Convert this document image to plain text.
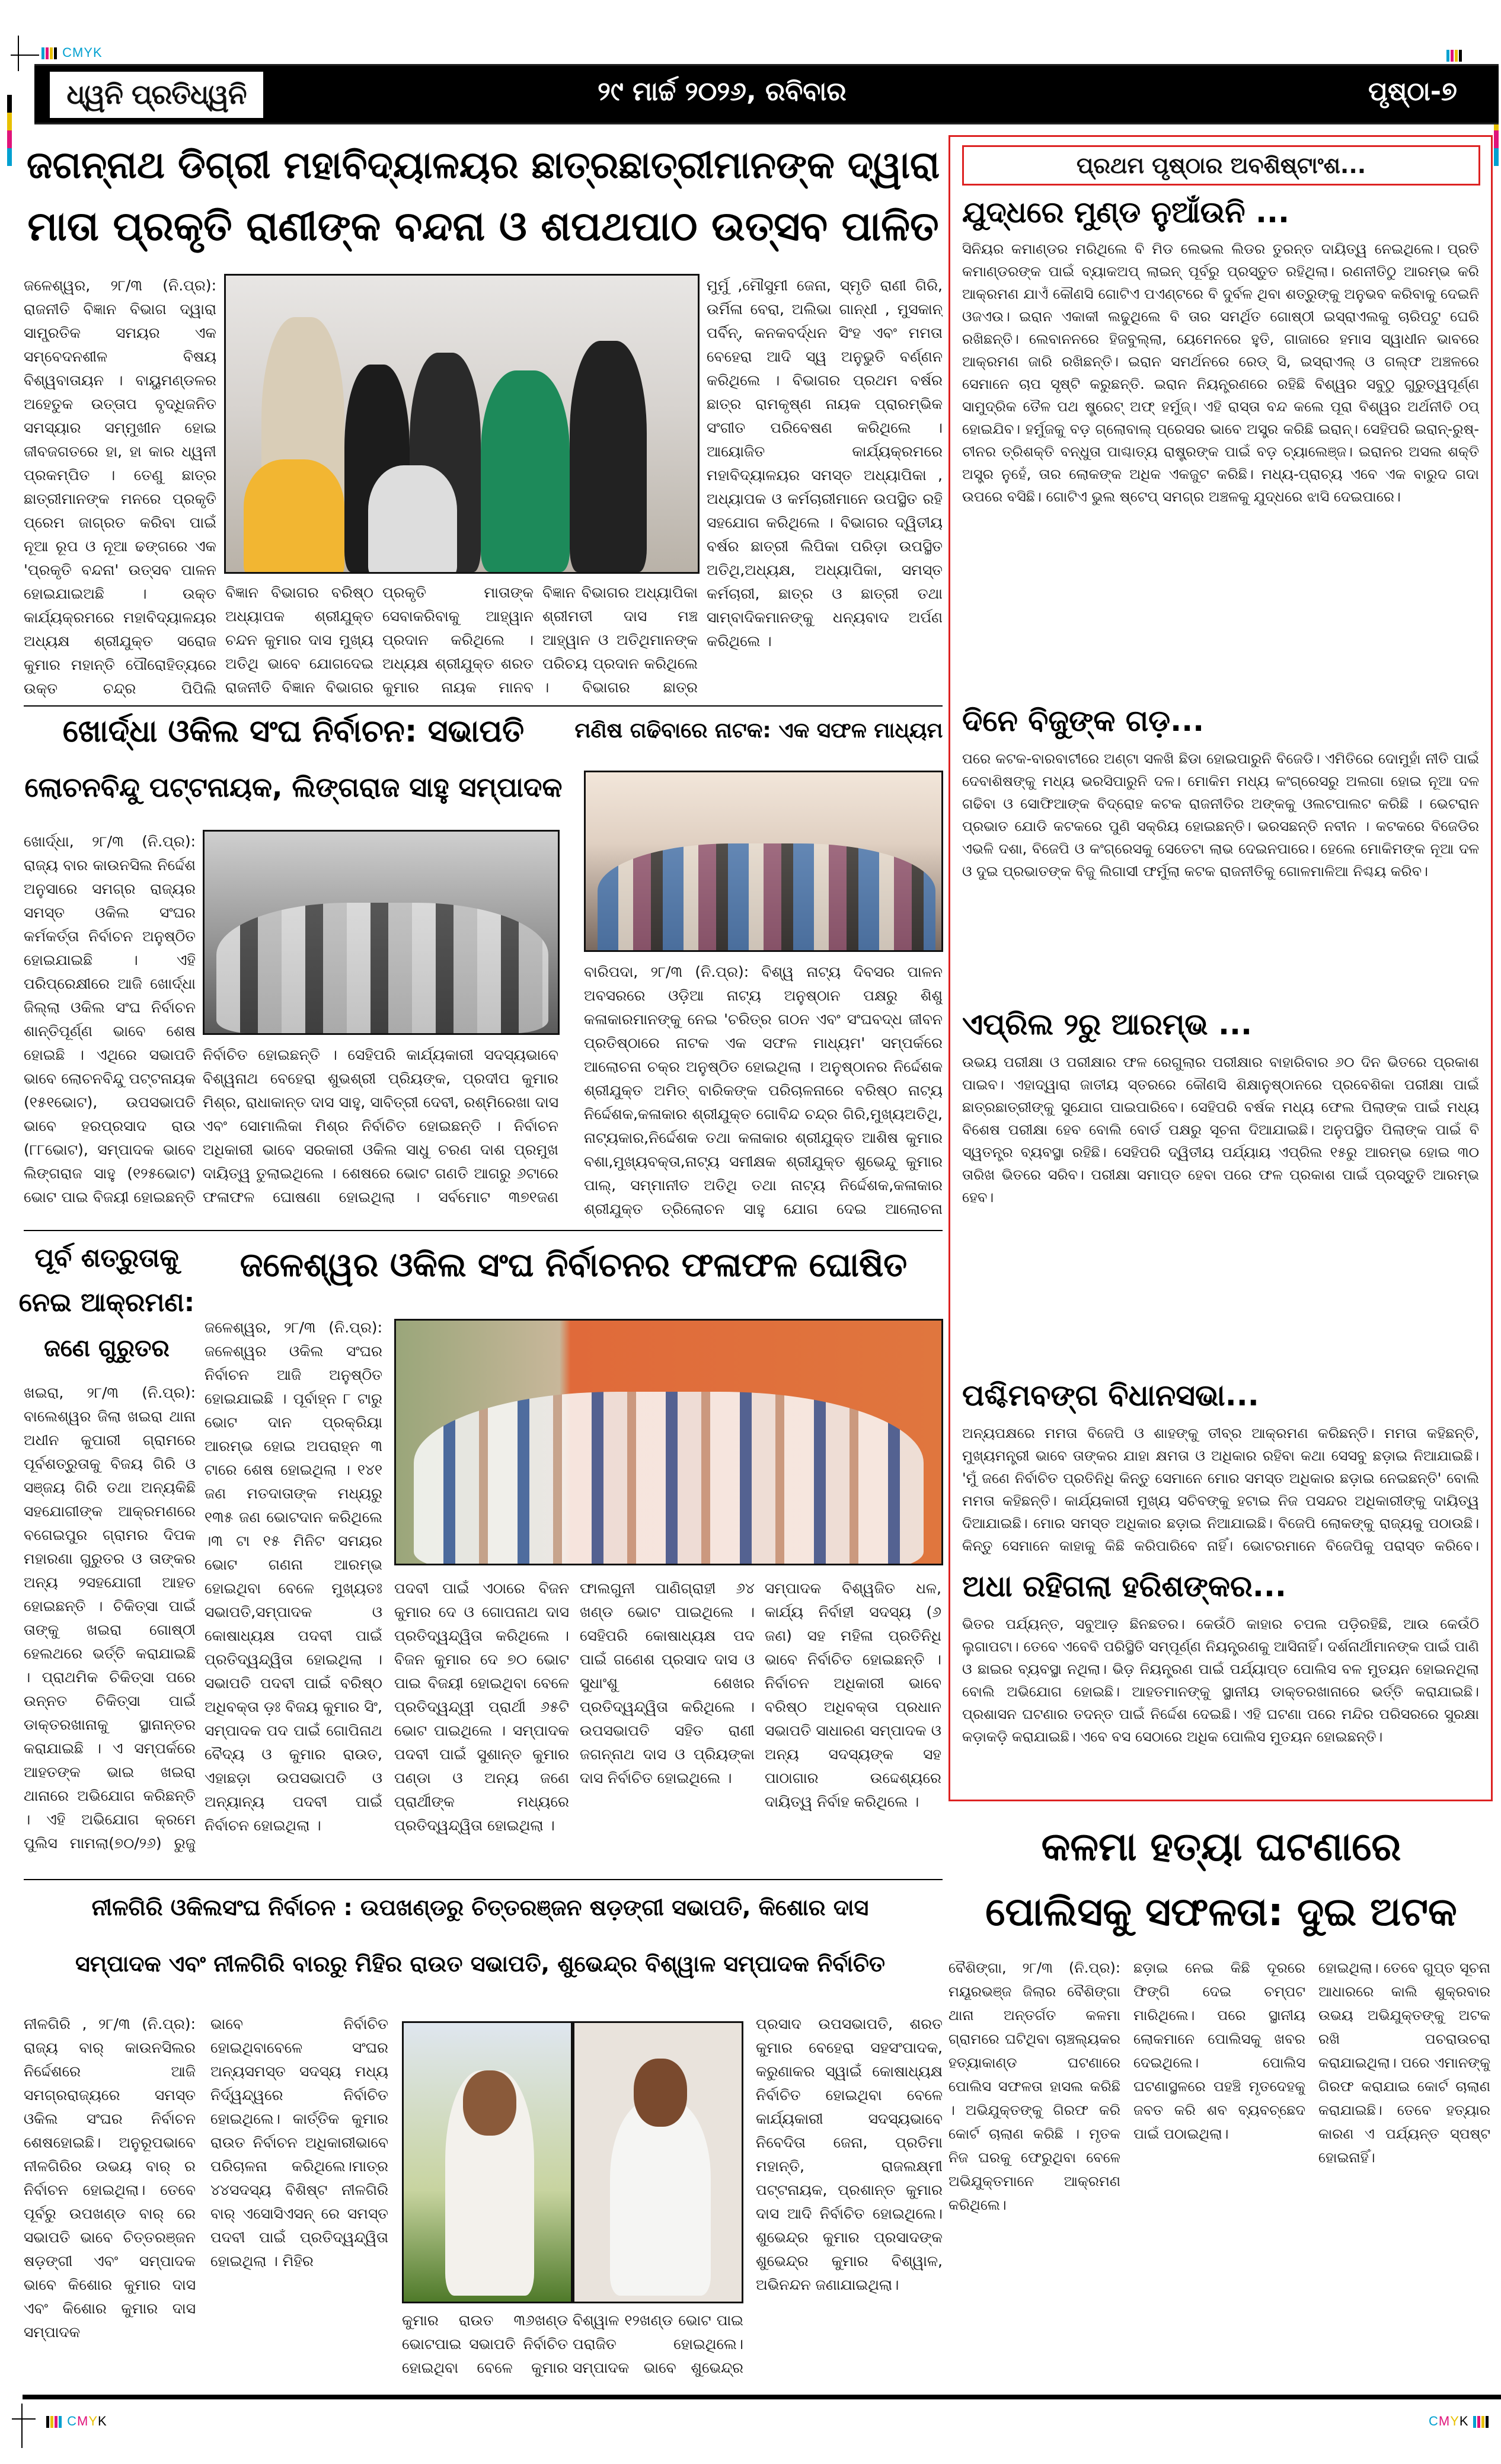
CMYK
ଧ୍ୱନି ପ୍ରତିଧ୍ୱନି	୨୯ ମାର୍ଚ୍ଚ ୨୦୨୬, ରବିବାର	ପୃଷ୍ଠା-୭
ଜଗନ୍ନାଥ ଡିଗ୍ରୀ ମହାବିଦ୍ୟାଳୟର ଛାତ୍ରଛାତ୍ରୀମାନଙ୍କ ଦ୍ୱାରା
ମାତା ପ୍ରକୃତି ରାଣୀଙ୍କ ବନ୍ଦନା ଓ ଶପଥପାଠ ଉତ୍ସବ ପାଳିତ
ଜଳେଶ୍ୱର, ୨୮/୩ (ନି.ପ୍ର): ରାଜନୀତି ବିଜ୍ଞାନ ବିଭାଗ ଦ୍ୱାରା ସାମ୍ପ୍ରତିକ ସମୟର ଏକ ସମ୍ବେଦନଶୀଳ ବିଷୟ ବିଶ୍ୱବାତାୟନ । ବାୟୁମଣ୍ଡଳର ଅହେତୁକ ଉତ୍ତାପ ବୃଦ୍ଧିଜନିତ ସମସ୍ୟାର ସମ୍ମୁଖୀନ ହୋଇ ଜୀବଜଗତରେ ହା, ହା କାର ଧ୍ୱନୀ ପ୍ରକମ୍ପିତ । ତେଣୁ ଛାତ୍ର ଛାତ୍ରୀମାନଙ୍କ ମନରେ ପ୍ରକୃତି ପ୍ରେମ ଜାଗ୍ରତ କରିବା ପାଇଁ ନୂଆ ରୂପ ଓ ନୂଆ ଢଙ୍ଗରେ ଏକ 'ପ୍ରକୃତି ବନ୍ଦନା' ଉତ୍ସବ ପାଳନ ହୋଇଯାଇଅଛି । ଉକ୍ତ କାର୍ଯ୍ୟକ୍ରମରେ ମହାବିଦ୍ୟାଳୟର ଅଧ୍ୟକ୍ଷ ଶ୍ରୀଯୁକ୍ତ ସରୋଜ କୁମାର ମହାନ୍ତି ପୌରୋହିତ୍ୟରେ ଉକ୍ତ ଚନ୍ଦ୍ର ପିପିଲି
ବିଜ୍ଞାନ ବିଭାଗର ବରିଷ୍ଠ ଅଧ୍ୟାପକ ଶ୍ରୀଯୁକ୍ତ ଚନ୍ଦନ କୁମାର ଦାସ ମୁଖ୍ୟ ଅତିଥି ଭାବେ ଯୋଗଦେଇ ରାଜନୀତି ବିଜ୍ଞାନ ବିଭାଗର
ପ୍ରକୃତି ମାତାଙ୍କ ସେବାକରିବାକୁ ଆହ୍ୱାନ ପ୍ରଦାନ କରିଥିଲେ । ଅଧ୍ୟକ୍ଷ ଶ୍ରୀଯୁକ୍ତ ଶରତ କୁମାର ନାୟକ ମାନବ
ବିଜ୍ଞାନ ବିଭାଗର ଅଧ୍ୟାପିକା ଶ୍ରୀମତୀ ଦାସ ମଞ୍ଚ ଆହ୍ୱାନ ଓ ଅତିଥିମାନଙ୍କ ପରିଚୟ ପ୍ରଦାନ କରିଥିଲେ । ବିଭାଗର ଛାତ୍ର
ମୁର୍ମୁ ,ମୌସୁମୀ ଜେନା, ସ୍ମୃତି ରାଣୀ ଗିରି, ଉର୍ମିଳା ବେରା, ଅଲିଭା ଗାନ୍ଧୀ , ମୁସକାନ୍ ପର୍ବିନ୍, କନକବର୍ଦ୍ଧନ ସିଂହ ଏବଂ ମମତା ବେହେରା ଆଦି ସ୍ୱ ଅନୁଭୁତି ବର୍ଣ୍ଣନ କରିଥିଲେ । ବିଭାଗର ପ୍ରଥମ ବର୍ଷର ଛାତ୍ର ରାମକୃଷ୍ଣ ନାୟକ ପ୍ରାରମ୍ଭିକ ସଂଗୀତ ପରିବେଷଣ କରିଥିଲେ । ଆୟୋଜିତ କାର୍ଯ୍ୟକ୍ରମରେ ମହାବିଦ୍ୟାଳୟର ସମସ୍ତ ଅଧ୍ୟାପିକା , ଅଧ୍ୟାପକ ଓ କର୍ମଚାରୀମାନେ ଉପସ୍ଥିତ ରହି ସହଯୋଗ କରିଥିଲେ । ବିଭାଗର ଦ୍ୱିତୀୟ ବର୍ଷର ଛାତ୍ରୀ ଲିପିକା ପରିଡ଼ା ଉପସ୍ଥିତ ଅତିଥି,ଅଧ୍ୟକ୍ଷ, ଅଧ୍ୟାପିକା, ସମସ୍ତ କର୍ମଚାରୀ, ଛାତ୍ର ଓ ଛାତ୍ରୀ ତଥା ସାମ୍ବାଦିକମାନଙ୍କୁ ଧନ୍ୟବାଦ ଅର୍ପଣ କରିଥିଲେ ।
ଖୋର୍ଦ୍ଧା ଓକିଲ ସଂଘ ନିର୍ବାଚନ: ସଭାପତି
ଲୋଚନବିନ୍ଦୁ ପଟ୍ଟନାୟକ, ଲିଙ୍ଗରାଜ ସାହୁ ସମ୍ପାଦକ
ଖୋର୍ଦ୍ଧା, ୨୮/୩ (ନି.ପ୍ର): ରାଜ୍ୟ ବାର କାଉନସିଲ ନିର୍ଦ୍ଦେଶ ଅନୁସାରେ ସମଗ୍ର ରାଜ୍ୟର ସମସ୍ତ ଓକିଲ ସଂଘର କର୍ମକର୍ତ୍ତା ନିର୍ବାଚନ ଅନୁଷ୍ଠିତ ହୋଇଯାଇଛି । ଏହି ପରିପ୍ରେକ୍ଷୀରେ ଆଜି ଖୋର୍ଦ୍ଧା ଜିଲ୍ଲା ଓକିଲ ସଂଘ ନିର୍ବାଚନ ଶାନ୍ତିପୂର୍ଣ୍ଣ ଭାବେ ଶେଷ ହୋଇଛି । ଏଥିରେ ସଭାପତି ଭାବେ ଲୋଚନବିନ୍ଦୁ ପଟ୍ଟନାୟକ (୧୫୧ଭୋଟ), ଉପସଭାପତି ଭାବେ ହରପ୍ରସାଦ ରାଉ (୮୮ଭୋଟ), ସମ୍ପାଦକ ଭାବେ ଲିଙ୍ଗରାଜ ସାହୁ (୧୨୫ଭୋଟ) ଭୋଟ ପାଇ ବିଜୟୀ ହୋଇଛନ୍ତି
ନିର୍ବାଚିତ ହୋଇଛନ୍ତି । ସେହିପରି କାର୍ଯ୍ୟକାରୀ ସଦସ୍ୟଭାବେ ବିଶ୍ୱନାଥ ବେହେରା ଶୁଭଶ୍ରୀ ପ୍ରିୟଙ୍କ, ପ୍ରଦୀପ କୁମାର ମିଶ୍ର, ରାଧାକାନ୍ତ ଦାସ ସାହୁ, ସାବିତ୍ରୀ ଦେବୀ, ରଶ୍ମିରେଖା ଦାସ ଏବଂ ସୋମାଲିକା ମିଶ୍ର ନିର୍ବାଚିତ ହୋଇଛନ୍ତି । ନିର୍ବାଚନ ଅଧିକାରୀ ଭାବେ ସରକାରୀ ଓକିଲ ସାଧୁ ଚରଣ ଦାଶ ପ୍ରମୁଖ ଦାୟିତ୍ୱ ତୁଲାଇଥିଲେ । ଶେଷରେ ଭୋଟ ଗଣତି ଆଗରୁ ୬ଟାରେ ଫଳାଫଳ ଘୋଷଣା ହୋଇଥିଲା । ସର୍ବମୋଟ ୩୭୧ଜଣ
ମଣିଷ ଗଢିବାରେ ନାଟକ: ଏକ ସଫଳ ମାଧ୍ୟମ
ବାରିପଦା, ୨୮/୩ (ନି.ପ୍ର): ବିଶ୍ୱ ନାଟ୍ୟ ଦିବସର ପାଳନ ଅବସରରେ ଓଡ଼ିଆ ନାଟ୍ୟ ଅନୁଷ୍ଠାନ ପକ୍ଷରୁ ଶିଶୁ କଳାକାରମାନଙ୍କୁ ନେଇ 'ଚରିତ୍ର ଗଠନ ଏବଂ ସଂଘବଦ୍ଧ ଜୀବନ ପ୍ରତିଷ୍ଠାରେ ନାଟକ ଏକ ସଫଳ ମାଧ୍ୟମ' ସମ୍ପର୍କରେ ଆଲୋଚନା ଚକ୍ର ଅନୁଷ୍ଠିତ ହୋଇଥିଲା । ଅନୁଷ୍ଠାନର ନିର୍ଦ୍ଦେଶକ ଶ୍ରୀଯୁକ୍ତ ଅମିତ୍ ବାରିକଙ୍କ ପରିଚାଳନାରେ ବରିଷ୍ଠ ନାଟ୍ୟ ନିର୍ଦ୍ଦେଶକ,କଳାକାର ଶ୍ରୀଯୁକ୍ତ ଗୋବିନ୍ଦ ଚନ୍ଦ୍ର ଗିରି,ମୁଖ୍ୟଅତିଥି, ନାଟ୍ୟକାର,ନିର୍ଦ୍ଦେଶକ ତଥା କଳାକାର ଶ୍ରୀଯୁକ୍ତ ଆଶିଷ କୁମାର ବଶା,ମୁଖ୍ୟବକ୍ତା,ନାଟ୍ୟ ସମୀକ୍ଷକ ଶ୍ରୀଯୁକ୍ତ ଶୁଭେନ୍ଦୁ କୁମାର ପାଲ୍, ସମ୍ମାନୀତ ଅତିଥି ତଥା ନାଟ୍ୟ ନିର୍ଦ୍ଦେଶକ,କଳାକାର ଶ୍ରୀଯୁକ୍ତ ତ୍ରିଲୋଚନ ସାହୁ ଯୋଗ ଦେଇ ଆଲୋଚନା
ପୂର୍ବ ଶତ୍ରୁତାକୁ
ନେଇ ଆକ୍ରମଣ:
ଜଣେ ଗୁରୁତର
ଖଇରା, ୨୮/୩ (ନି.ପ୍ର): ବାଲେଶ୍ୱର ଜିଲା ଖଇରା ଥାନା ଅଧୀନ କୁପାରୀ ଗ୍ରାମରେ ପୂର୍ବଶତ୍ରୁତାକୁ ବିଜୟ ଗିରି ଓ ସଞ୍ଜୟ ଗିରି ତଥା ଅନ୍ୟକିଛି ସହଯୋଗୀଙ୍କ ଆକ୍ରମଣରେ ବଗେଇପୁର ଗ୍ରାମର ଦିପକ ମହାରଣା ଗୁରୁତର ଓ ତାଙ୍କର ଅନ୍ୟ ୨ସହଯୋଗୀ ଆହତ ହୋଇଛନ୍ତି । ଚିକିତ୍ସା ପାଇଁ ତାଙ୍କୁ ଖଇରା ଗୋଷ୍ଠୀ ହେଲଥରେ ଭର୍ତ୍ତି କରାଯାଇଛି । ପ୍ରାଥମିକ ଚିକିତ୍ସା ପରେ ଉନ୍ନତ ଚିକିତ୍ସା ପାଇଁ ଡାକ୍ତରଖାନାକୁ ସ୍ଥାନାନ୍ତର କରାଯାଇଛି । ଏ ସମ୍ପର୍କରେ ଆହତଙ୍କ ଭାଇ ଖଇରା ଥାନାରେ ଅଭିଯୋଗ କରିଛନ୍ତି । ଏହି ଅଭିଯୋଗ କ୍ରମେ ପୁଲିସ ମାମଲା(୭୦/୨୬) ରୁଜୁ
ଜଳେଶ୍ୱର ଓକିଲ ସଂଘ ନିର୍ବାଚନର ଫଳାଫଳ ଘୋଷିତ
ଜଳେଶ୍ୱର, ୨୮/୩ (ନି.ପ୍ର): ଜଳେଶ୍ୱର ଓକିଲ ସଂଘର ନିର୍ବାଚନ ଆଜି ଅନୁଷ୍ଠିତ ହୋଇଯାଇଛି । ପୂର୍ବାହ୍ନ ୮ ଟାରୁ ଭୋଟ ଦାନ ପ୍ରକ୍ରିୟା ଆରମ୍ଭ ହୋଇ ଅପରାହ୍ନ ୩ ଟାରେ ଶେଷ ହୋଇଥିଲା । ୧୪୧ ଜଣ ମତଦାତାଙ୍କ ମଧ୍ୟରୁ ୧୩୫ ଜଣ ଭୋଟଦାନ କରିଥିଲେ ।୩ ଟା ୧୫ ମିନିଟ ସମୟର ଭୋଟ ଗଣନା ଆରମ୍ଭ ହୋଇଥିବା ବେଳେ ମୁଖ୍ୟତଃ ସଭାପତି,ସମ୍ପାଦକ ଓ କୋଷାଧ୍ୟକ୍ଷ ପଦବୀ ପାଇଁ ପ୍ରତିଦ୍ୱନ୍ଦ୍ୱିତା ହୋଇଥିଲା । ସଭାପତି ପଦବୀ ପାଇଁ ବରିଷ୍ଠ ଅଧିବକ୍ତା ଡ଼ଃ ବିଜୟ କୁମାର ସିଂ, ସମ୍ପାଦକ ପଦ ପାଇଁ ଗୋପିନାଥ ବୈଦ୍ୟ ଓ କୁମାର ରାଉତ, ଏହାଛଡ଼ା ଉପସଭାପତି ଓ ଅନ୍ୟାନ୍ୟ ପଦବୀ ପାଇଁ ନିର୍ବାଚନ ହୋଇଥିଲା ।
ପଦବୀ ପାଇଁ ଏଠାରେ ବିଜନ କୁମାର ଦେ ଓ ଗୋପନାଥ ଦାସ ପ୍ରତିଦ୍ୱନ୍ଦ୍ୱିତା କରିଥିଲେ । ବିଜନ କୁମାର ଦେ ୭୦ ଭୋଟ ପାଇ ବିଜୟୀ ହୋଇଥିବା ବେଳେ ପ୍ରତିଦ୍ୱନ୍ଦ୍ୱୀ ପ୍ରାର୍ଥୀ ୬୫ଟି ଭୋଟ ପାଇଥିଲେ । ସମ୍ପାଦକ ପଦବୀ ପାଇଁ ସୁଶାନ୍ତ କୁମାର ପଣ୍ଡା ଓ ଅନ୍ୟ ଜଣେ ପ୍ରାର୍ଥୀଙ୍କ ମଧ୍ୟରେ ପ୍ରତିଦ୍ୱନ୍ଦ୍ୱିତା ହୋଇଥିଲା ।
ଫାଲଗୁନୀ ପାଣିଗ୍ରାହୀ ୬୪ ଖଣ୍ଡ ଭୋଟ ପାଇଥିଲେ । ସେହିପରି କୋଷାଧ୍ୟକ୍ଷ ପଦ ପାଇଁ ଗଣେଶ ପ୍ରସାଦ ଦାସ ଓ ସୁଧାଂଶୁ ଶେଖର ପ୍ରତିଦ୍ୱନ୍ଦ୍ୱିତା କରିଥିଲେ । ଉପସଭାପତି ସହିତ ରାଣୀ ଜଗନ୍ନାଥ ଦାସ ଓ ପ୍ରିୟଙ୍କା ଦାସ ନିର୍ବାଚିତ ହୋଇଥିଲେ ।
ସମ୍ପାଦକ ବିଶ୍ୱଜିତ ଧଳ, କାର୍ଯ୍ୟ ନିର୍ବାହୀ ସଦସ୍ୟ (୬ ଜଣ) ସହ ମହିଳା ପ୍ରତିନିଧି ଭାବେ ନିର୍ବାଚିତ ହୋଇଛନ୍ତି । ନିର୍ବାଚନ ଅଧିକାରୀ ଭାବେ ବରିଷ୍ଠ ଅଧିବକ୍ତା ପ୍ରଧାନ ସଭାପତି ସାଧାରଣ ସମ୍ପାଦକ ଓ ଅନ୍ୟ ସଦସ୍ୟଙ୍କ ସହ ପାଠାଗାର ଉଦ୍ଦେଶ୍ୟରେ ଦାୟିତ୍ୱ ନିର୍ବାହ କରିଥିଲେ ।
ନୀଳଗିରି ଓକିଲସଂଘ ନିର୍ବାଚନ : ଉପଖଣ୍ଡରୁ ଚିତ୍ତରଞ୍ଜନ ଷଡ଼ଙ୍ଗୀ ସଭାପତି, କିଶୋର ଦାସ
ସମ୍ପାଦକ ଏବଂ ନୀଳଗିରି ବାରରୁ ମିହିର ରାଉତ ସଭାପତି, ଶୁଭେନ୍ଦ୍ର ବିଶ୍ୱାଳ ସମ୍ପାଦକ ନିର୍ବାଚିତ
ନୀଳଗିରି , ୨୮/୩ (ନି.ପ୍ର): ରାଜ୍ୟ ବାର୍ କାଉନସିଲର ନିର୍ଦ୍ଦେଶରେ ଆଜି ସମଗ୍ରରାଜ୍ୟରେ ସମସ୍ତ ଓକିଲ ସଂଘର ନିର୍ବାଚନ ଶେଷହୋଇଛି। ଅନୁରୂପଭାବେ ନୀଳଗିରିର ଉଭୟ ବାର୍ ର ନିର୍ବାଚନ ହୋଇଥିଲା। ତେବେ ପୂର୍ବରୁ ଉପଖଣ୍ଡ ବାର୍ ରେ ସଭାପତି ଭାବେ ଚିତ୍ତରଞ୍ଜନ ଷଡ଼ଙ୍ଗୀ ଏବଂ ସମ୍ପାଦକ ଭାବେ କିଶୋର କୁମାର ଦାସ ଏବଂ କିଶୋର କୁମାର ଦାସ ସମ୍ପାଦକ
ଭାବେ ନିର୍ବାଚିତ ହୋଇଥିବାବେଳେ ସଂଘର ଅନ୍ୟସମସ୍ତ ସଦସ୍ୟ ମଧ୍ୟ ନିର୍ଦ୍ୱନ୍ଦ୍ୱରେ ନିର୍ବାଚିତ ହୋଇଥିଲେ। କାର୍ତ୍ତିକ କୁମାର ରାଉତ ନିର୍ବାଚନ ଅଧିକାରୀଭାବେ ପରିଚାଳନା କରିଥିଲେ।ମାତ୍ର ୪୪ସଦସ୍ୟ ବିଶିଷ୍ଟ ନୀଳଗିରି ବାର୍ ଏସୋସିଏସନ୍ ରେ ସମସ୍ତ ପଦବୀ ପାଇଁ ପ୍ରତିଦ୍ୱନ୍ଦ୍ୱିତା ହୋଇଥିଲା । ମିହିର
କୁମାର ରାଉତ ୩୬ଖଣ୍ଡ ଭୋଟପାଇ ସଭାପତି ନିର୍ବାଚିତ ହୋଇଥିବା ବେଳେ କୁମାର
ବିଶ୍ୱାଳ ୧୨ଖଣ୍ଡ ଭୋଟ ପାଇ ପରାଜିତ ହୋଇଥିଲେ। ସମ୍ପାଦକ ଭାବେ ଶୁଭେନ୍ଦ୍ର
ପ୍ରସାଦ ଉପସଭାପତି, ଶରତ କୁମାର ବେହେରା ସହସଂପାଦକ, କରୁଣାକର ସ୍ୱାଇଁ କୋଷାଧ୍ୟକ୍ଷ ନିର୍ବାଚିତ ହୋଇଥିବା ବେଳେ କାର୍ଯ୍ୟକାରୀ ସଦସ୍ୟଭାବେ ନିବେଦିତା ଜେନା, ପ୍ରତିମା ମହାନ୍ତି, ରାଜଲକ୍ଷ୍ମୀ ପଟ୍ଟନାୟକ, ପ୍ରଶାନ୍ତ କୁମାର ଦାସ ଆଦି ନିର୍ବାଚିତ ହୋଇଥିଲେ। ଶୁଭେନ୍ଦ୍ର କୁମାର ପ୍ରସାଦଙ୍କ ଶୁଭେନ୍ଦ୍ର କୁମାର ବିଶ୍ୱାଳ, ଅଭିନନ୍ଦନ ଜଣାଯାଇଥିଲା।
ପ୍ରଥମ ପୃଷ୍ଠାର ଅବଶିଷ୍ଟାଂଶ...
ଯୁଦ୍ଧରେ ମୁଣ୍ଡ ନୁଆଁଉନି ...
ସିନିୟର କମାଣ୍ଡର ମରିଥିଲେ ବି ମିଡ ଲେଭଲ ଲିଡର ତୁରନ୍ତ ଦାୟିତ୍ୱ ନେଇଥିଲେ। ପ୍ରତି କମାଣ୍ଡରଙ୍କ ପାଇଁ ବ୍ୟାକଅପ୍ ଲାଇନ୍ ପୂର୍ବରୁ ପ୍ରସ୍ତୁତ ରହିଥିଲା। ରଣନୀତିଠୁ ଆରମ୍ଭ କରି ଆକ୍ରମଣ ଯାଏଁ କୌଣସି ଗୋଟିଏ ପଏଣ୍ଟରେ ବି ଦୁର୍ବଳ ଥିବା ଶତ୍ରୁଙ୍କୁ ଅନୁଭବ କରିବାକୁ ଦେଇନି ଓଜଏଉ। ଇରାନ ଏକାକୀ ଲଢୁଥିଲେ ବି ତାର ସମର୍ଥିତ ଗୋଷ୍ଠୀ ଇସ୍ରାଏଲକୁ ଚାରିପଟୁ ଘେରି ରଖିଛନ୍ତି। ଲେବାନନରେ ହିଜବୁଲ୍ଲା, ୟେମେନରେ ହୁତି, ଗାଜାରେ ହମାସ ସ୍ୱାଧୀନ ଭାବରେ ଆକ୍ରମଣ ଜାରି ରଖିଛନ୍ତି। ଇରାନ ସମର୍ଥନରେ ରେଡ୍ ସି, ଇସ୍ରାଏଲ୍ ଓ ଗଲ୍ଫ ଅଞ୍ଚଳରେ ସେମାନେ ଚାପ ସୃଷ୍ଟି କରୁଛନ୍ତି. ଇରାନ ନିୟନ୍ତ୍ରଣରେ ରହିଛି ବିଶ୍ୱର ସବୁଠୁ ଗୁରୁତ୍ୱପୂର୍ଣ୍ଣ ସାମୁଦ୍ରିକ ତୈଳ ପଥ ଷ୍ଟ୍ରେଟ୍ ଅଫ୍ ହର୍ମୁଜ୍। ଏହି ରାସ୍ତା ବନ୍ଦ କଲେ ପୂରା ବିଶ୍ୱର ଅର୍ଥନୀତି ଠପ୍ ହୋଇଯିବ। ହର୍ମୁଜକୁ ବଡ଼ ଗ୍ଲୋବାଲ୍ ପ୍ରେସର ଭାବେ ଅସ୍ତ୍ର କରିଛି ଇରାନ୍। ସେହିପରି ଇରାନ୍-ରୁଷ୍-ଚୀନର ତ୍ରିଶକ୍ତି ବନ୍ଧୁତା ପାଶ୍ଚାତ୍ୟ ରାଷ୍ଟ୍ରଙ୍କ ପାଇଁ ବଡ଼ ଚ୍ୟାଲେଞ୍ଜ। ଇରାନର ଅସଲ ଶକ୍ତି ଅସ୍ତ୍ର ନୁହେଁ, ତାର ଲୋକଙ୍କ ଅଧିକ ଏକଜୁଟ କରିଛି। ମଧ୍ୟ-ପ୍ରାଚ୍ୟ ଏବେ ଏକ ବାରୁଦ ଗଦା ଉପରେ ବସିଛି। ଗୋଟିଏ ଭୁଲ ଷ୍ଟେପ୍ ସମଗ୍ର ଅଞ୍ଚଳକୁ ଯୁଦ୍ଧରେ ଝାସି ଦେଇପାରେ।
ଦିନେ ବିଜୁଙ୍କ ଗଡ଼...
ପରେ କଟକ-ବାରବାଟୀରେ ଅଣ୍ଟା ସଳଖି ଛିଡା ହୋଇପାରୁନି ବିଜେଡି। ଏମିତିରେ ଦୋମୁହାଁ ନୀତି ପାଇଁ ଦେବାଶିଷଙ୍କୁ ମଧ୍ୟ ଭରସିପାରୁନି ଦଳ। ମୋକିମ ମଧ୍ୟ କଂଗ୍ରେସରୁ ଅଲଗା ହୋଇ ନୂଆ ଦଳ ଗଢିବା ଓ ସୋଫିଆଙ୍କ ବିଦ୍ରୋହ କଟକ ରାଜନୀତିର ଅଙ୍କକୁ ଓଲଟପାଲଟ କରିଛି । ଭେଟରାନ ପ୍ରଭାତ ଯୋଡି କଟକରେ ପୁଣି ସକ୍ରିୟ ହୋଇଛନ୍ତି। ଭରସଛନ୍ତି ନବୀନ । କଟକରେ ବିଜେଡିର ଏଭଳି ଦଶା, ବିଜେପି ଓ କଂଗ୍ରେସକୁ ସେତେଟା ଲାଭ ଦେଇନପାରେ। ହେଲେ ମୋକିମଙ୍କ ନୂଆ ଦଳ ଓ ଦୁଇ ପ୍ରଭାତଙ୍କ ବିଜୁ ଲିଗାସୀ ଫର୍ମୁଲା କଟକ ରାଜନୀତିକୁ ଗୋଳମାଳିଆ ନିଶ୍ଚୟ କରିବ।
ଏପ୍ରିଲ ୨ରୁ ଆରମ୍ଭ ...
ଉଭୟ ପରୀକ୍ଷା ଓ ପରୀକ୍ଷାର ଫଳ ରେଗୁଲାର ପରୀକ୍ଷାର ବାହାରିବାର ୬୦ ଦିନ ଭିତରେ ପ୍ରକାଶ ପାଇବ। ଏହାଦ୍ୱାରା ଜାତୀୟ ସ୍ତରରେ କୌଣସି ଶିକ୍ଷାନୁଷ୍ଠାନରେ ପ୍ରବେଶିକା ପରୀକ୍ଷା ପାଇଁ ଛାତ୍ରଛାତ୍ରୀଙ୍କୁ ସୁଯୋଗ ପାଇପାରିବେ। ସେହିପରି ବର୍ଷକ ମଧ୍ୟ ଫେଲ ପିଲାଙ୍କ ପାଇଁ ମଧ୍ୟ ବିଶେଷ ପରୀକ୍ଷା ହେବ ବୋଲି ବୋର୍ଡ ପକ୍ଷରୁ ସୂଚନା ଦିଆଯାଇଛି। ଅନୁପସ୍ଥିତ ପିଲାଙ୍କ ପାଇଁ ବି ସ୍ୱତନ୍ତ୍ର ବ୍ୟବସ୍ଥା ରହିଛି। ସେହିପରି ଦ୍ୱିତୀୟ ପର୍ଯ୍ୟାୟ ଏପ୍ରିଲ ୧୫ରୁ ଆରମ୍ଭ ହୋଇ ୩୦ ତାରିଖ ଭିତରେ ସରିବ। ପରୀକ୍ଷା ସମାପ୍ତ ହେବା ପରେ ଫଳ ପ୍ରକାଶ ପାଇଁ ପ୍ରସ୍ତୁତି ଆରମ୍ଭ ହେବ।
ପଶ୍ଚିମବଙ୍ଗ ବିଧାନସଭା...
ଅନ୍ୟପକ୍ଷରେ ମମତା ବିଜେପି ଓ ଶାହଙ୍କୁ ତୀବ୍ର ଆକ୍ରମଣ କରିଛନ୍ତି। ମମତା କହିଛନ୍ତି, ମୁଖ୍ୟମନ୍ତ୍ରୀ ଭାବେ ତାଙ୍କର ଯାହା କ୍ଷମତା ଓ ଅଧିକାର ରହିବା କଥା ସେସବୁ ଛଡ଼ାଇ ନିଆଯାଇଛି। 'ମୁଁ ଜଣେ ନିର୍ବାଚିତ ପ୍ରତିନିଧି କିନ୍ତୁ ସେମାନେ ମୋର ସମସ୍ତ ଅଧିକାର ଛଡ଼ାଇ ନେଇଛନ୍ତି' ବୋଲି ମମତା କହିଛନ୍ତି। କାର୍ଯ୍ୟକାରୀ ମୁଖ୍ୟ ସଚିବଙ୍କୁ ହଟାଇ ନିଜ ପସନ୍ଦର ଅଧିକାରୀଙ୍କୁ ଦାୟିତ୍ୱ ଦିଆଯାଇଛି। ମୋର ସମସ୍ତ ଅଧିକାର ଛଡ଼ାଇ ନିଆଯାଇଛି। ବିଜେପି ଲୋକଙ୍କୁ ରାଜ୍ୟକୁ ପଠାଉଛି। କିନ୍ତୁ ସେମାନେ କାହାକୁ କିଛି କରିପାରିବେ ନାହିଁ। ଭୋଟରମାନେ ବିଜେପିକୁ ପରାସ୍ତ କରିବେ।
ଅଧା ରହିଗଲା ହରିଶଙ୍କର...
ଭିତର ପର୍ଯ୍ୟନ୍ତ, ସବୁଆଡ଼ ଛିନଛତର। କେଉଁଠି କାହାର ଚପଲ ପଡ଼ିରହିଛି, ଆଉ କେଉଁଠି ଲୁଗାପଟା। ତେବେ ଏବେବି ପରିସ୍ଥିତି ସମ୍ପୂର୍ଣ୍ଣ ନିୟନ୍ତ୍ରଣକୁ ଆସିନାହିଁ। ଦର୍ଶନାର୍ଥୀମାନଙ୍କ ପାଇଁ ପାଣି ଓ ଛାଇର ବ୍ୟବସ୍ଥା ନଥିଲା। ଭିଡ଼ ନିୟନ୍ତ୍ରଣ ପାଇଁ ପର୍ଯ୍ୟାପ୍ତ ପୋଲିସ ବଳ ମୁତୟନ ହୋଇନଥିଲା ବୋଲି ଅଭିଯୋଗ ହୋଇଛି। ଆହତମାନଙ୍କୁ ସ୍ଥାନୀୟ ଡାକ୍ତରଖାନାରେ ଭର୍ତ୍ତି କରାଯାଇଛି। ପ୍ରଶାସନ ଘଟଣାର ତଦନ୍ତ ପାଇଁ ନିର୍ଦ୍ଦେଶ ଦେଇଛି। ଏହି ଘଟଣା ପରେ ମନ୍ଦିର ପରିସରରେ ସୁରକ୍ଷା କଡ଼ାକଡ଼ି କରାଯାଇଛି। ଏବେ ବସ ସେଠାରେ ଅଧିକ ପୋଲିସ ମୁତୟନ ହୋଇଛନ୍ତି।
କଳମା ହତ୍ୟା ଘଟଣାରେ
ପୋଲିସକୁ ସଫଳତା: ଦୁଇ ଅଟକ
ବୈଶିଙ୍ଗା, ୨୮/୩ (ନି.ପ୍ର): ମୟୂରଭଞ୍ଜ ଜିଲାର ବୈଶିଙ୍ଗା ଥାନା ଅନ୍ତର୍ଗତ କଳମା ଗ୍ରାମରେ ଘଟିଥିବା ଚାଞ୍ଚଲ୍ୟକର ହତ୍ୟାକାଣ୍ଡ ଘଟଣାରେ ପୋଲିସ ସଫଳତା ହାସଲ କରିଛି । ଅଭିଯୁକ୍ତଙ୍କୁ ଗିରଫ କରି କୋର୍ଟ ଚାଲାଣ କରିଛି । ମୃତକ ନିଜ ଘରକୁ ଫେରୁଥିବା ବେଳେ ଅଭିଯୁକ୍ତମାନେ ଆକ୍ରମଣ କରିଥିଲେ।
ଛଡ଼ାଇ ନେଇ କିଛି ଦୂରରେ ଫିଙ୍ଗି ଦେଇ ଚମ୍ପଟ ମାରିଥିଲେ। ପରେ ସ୍ଥାନୀୟ ଲୋକମାନେ ପୋଲିସକୁ ଖବର ଦେଇଥିଲେ। ପୋଲିସ ଘଟଣାସ୍ଥଳରେ ପହଞ୍ଚି ମୃତଦେହକୁ ଜବତ କରି ଶବ ବ୍ୟବଚ୍ଛେଦ ପାଇଁ ପଠାଇଥିଲା।
ହୋଇଥିଲା। ତେବେ ଗୁପ୍ତ ସୂଚନା ଆଧାରରେ କାଲି ଶୁକ୍ରବାର ଉଭୟ ଅଭିଯୁକ୍ତଙ୍କୁ ଅଟକ ରଖି ପଚରାଉଚରା କରାଯାଇଥିଲା। ପରେ ଏମାନଙ୍କୁ ଗିରଫ କରାଯାଇ କୋର୍ଟ ଚାଲାଣ କରାଯାଇଛି। ତେବେ ହତ୍ୟାର କାରଣ ଏ ପର୍ଯ୍ୟନ୍ତ ସ୍ପଷ୍ଟ ହୋଇନାହିଁ।
CMYK	CMYK
